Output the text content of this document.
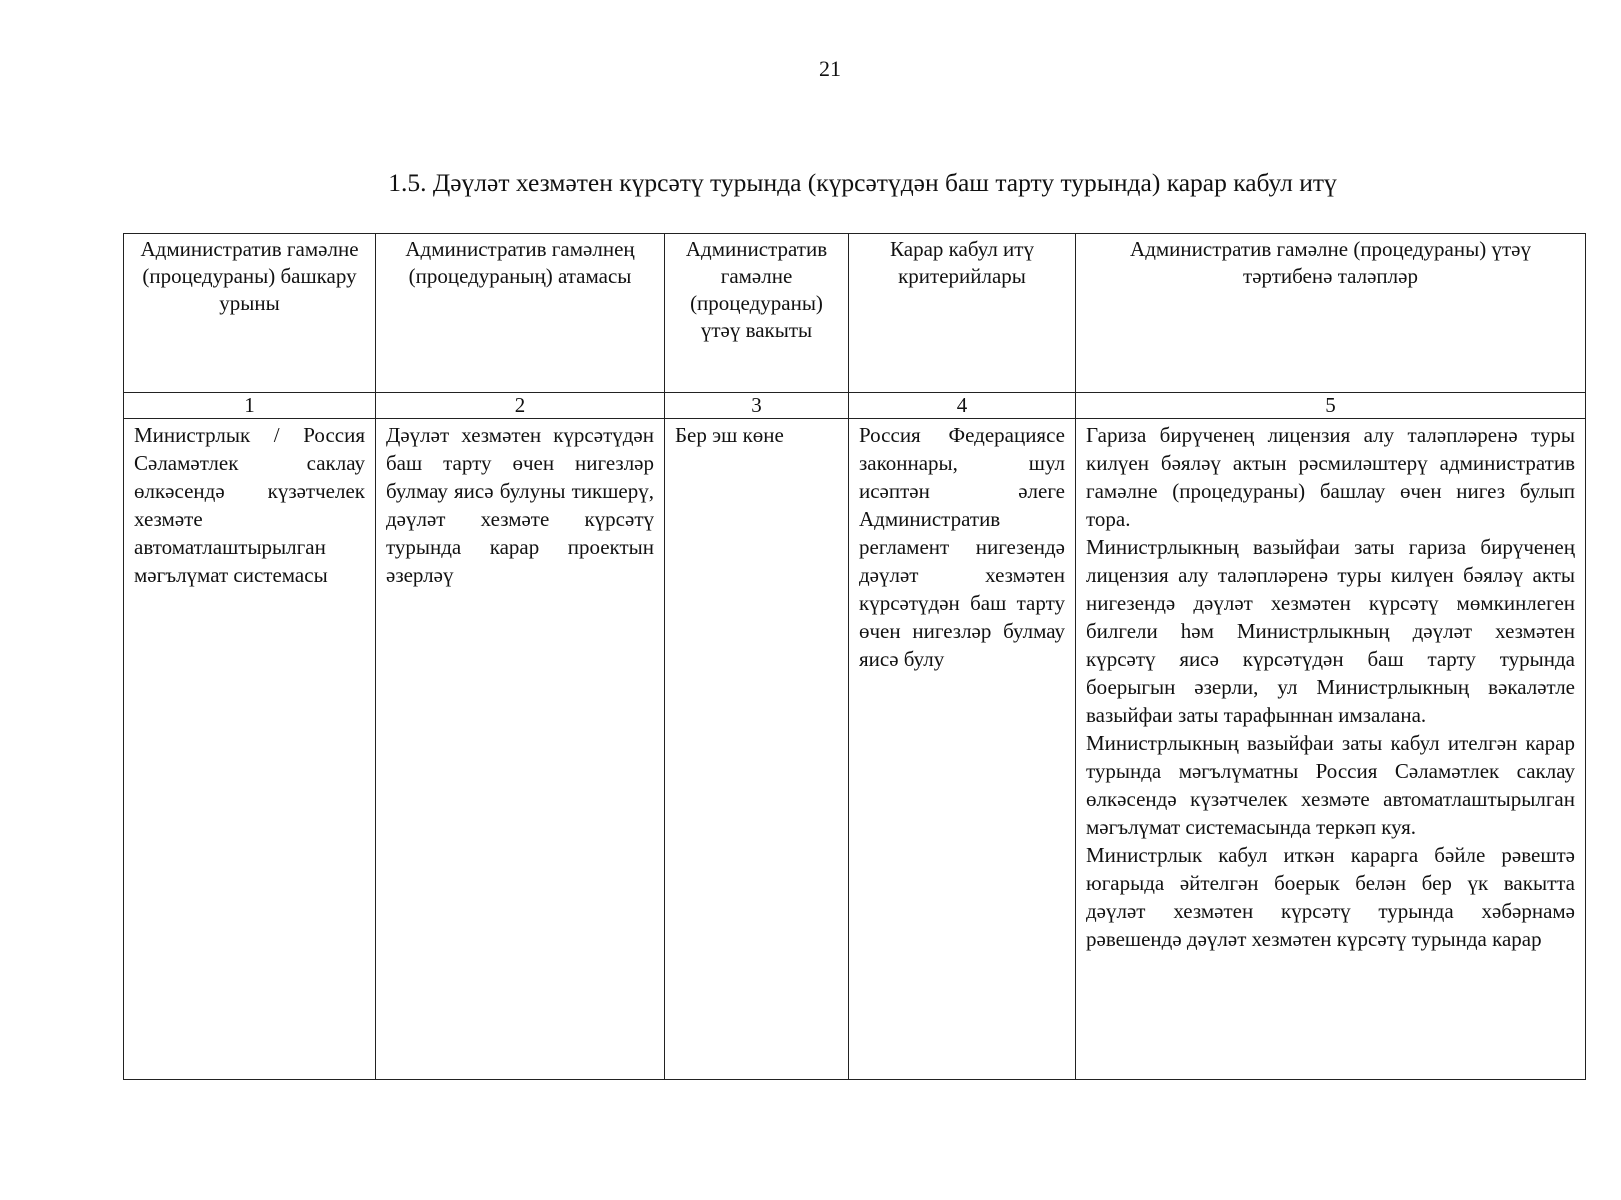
21
1.5. Дәүләт хезмәтен күрсәтү турында (күрсәтүдән баш тарту турында) карар кабул итү
Административ гамәлне (процедураны) башкару урыны	Административ гамәлнең (процедураның) атамасы	Административ гамәлне (процедураны) үтәү вакыты	Карар кабул итү критерийлары	Административ гамәлне (процедураны) үтәү тәртибенә таләпләр
1	2	3	4	5

Министрлык / Россия Сәламәтлек саклау өлкәсендә күзәтчелек хезмәте автоматлаштырылган мәгълүмат системасы	Дәүләт хезмәтен күрсәтүдән баш тарту өчен нигезләр булмау яисә булуны тикшерү, дәүләт хезмәте күрсәтү турында карар проектын әзерләү	Бер эш көне	Россия Федерациясе законнары, шул исәптән әлеге Административ регламент нигезендә дәүләт хезмәтен күрсәтүдән баш тарту өчен нигезләр булмау яисә булу	Гариза бирүченең лицензия алу таләпләренә туры килүен бәяләү актын рәсмиләштерү административ гамәлне (процедураны) башлау өчен нигез булып тора.

Министрлыкның вазыйфаи заты гариза бирүченең лицензия алу таләпләренә туры килүен бәяләү акты нигезендә дәүләт хезмәтен күрсәтү мөмкинлеген билгели һәм Министрлыкның дәүләт хезмәтен күрсәтү яисә күрсәтүдән баш тарту турында боерыгын әзерли, ул Министрлыкның вәкаләтле вазыйфаи заты тарафыннан имзалана.

Министрлыкның вазыйфаи заты кабул ителгән карар турында мәгълүматны Россия Сәламәтлек саклау өлкәсендә күзәтчелек хезмәте автоматлаштырылган мәгълүмат системасында теркәп куя.

Министрлык кабул иткән карарга бәйле рәвештә югарыда әйтелгән боерык белән бер үк вакытта дәүләт хезмәтен күрсәтү турында хәбәрнамә рәвешендә дәүләт хезмәтен күрсәтү турында карар
